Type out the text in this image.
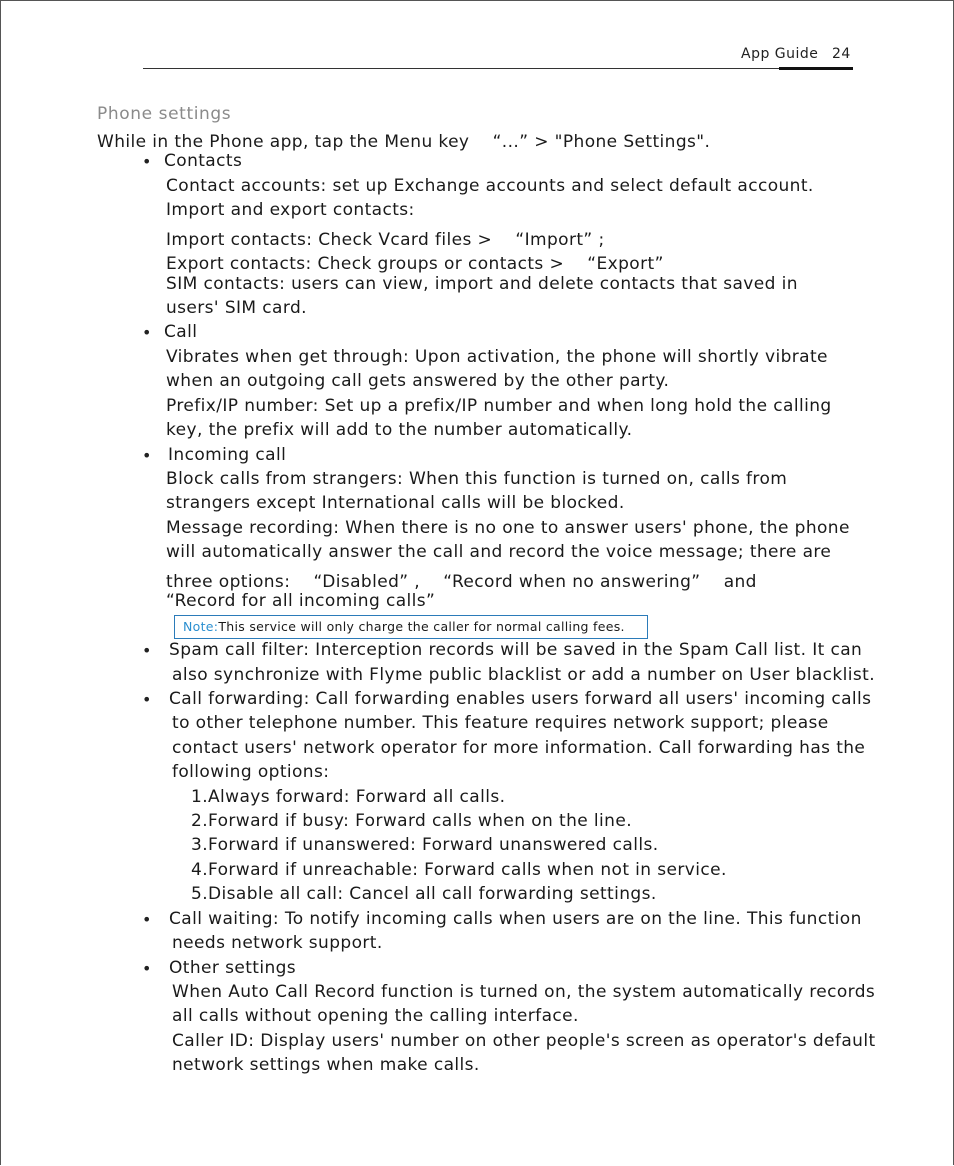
App Guide 24
Phone settings
While in the Phone app, tap the Menu key 　“...” > "Phone Settings".
• Contacts
Contact accounts: set up Exchange accounts and select default account.
Import and export contacts:
Import contacts: Check Vcard files > 　“Import” ;
Export contacts: Check groups or contacts > 　“Export”
SIM contacts: users can view, import and delete contacts that saved in
users' SIM card.
• Call
Vibrates when get through: Upon activation, the phone will shortly vibrate
when an outgoing call gets answered by the other party.
Prefix/IP number: Set up a prefix/IP number and when long hold the calling
key, the prefix will add to the number automatically.
• Incoming call
Block calls from strangers: When this function is turned on, calls from
strangers except International calls will be blocked.
Message recording: When there is no one to answer users' phone, the phone
will automatically answer the call and record the voice message; there are
three options: 　“Disabled” , 　“Record when no answering” 　and
“Record for all incoming calls”
Note:This service will only charge the caller for normal calling fees.
• Spam call filter: Interception records will be saved in the Spam Call list. It can
also synchronize with Flyme public blacklist or add a number on User blacklist.
• Call forwarding: Call forwarding enables users forward all users' incoming calls
to other telephone number. This feature requires network support; please
contact users' network operator for more information. Call forwarding has the
following options:
1.Always forward: Forward all calls.
2.Forward if busy: Forward calls when on the line.
3.Forward if unanswered: Forward unanswered calls.
4.Forward if unreachable: Forward calls when not in service.
5.Disable all call: Cancel all call forwarding settings.
• Call waiting: To notify incoming calls when users are on the line. This function
needs network support.
• Other settings
When Auto Call Record function is turned on, the system automatically records
all calls without opening the calling interface.
Caller ID: Display users' number on other people's screen as operator's default
network settings when make calls.
